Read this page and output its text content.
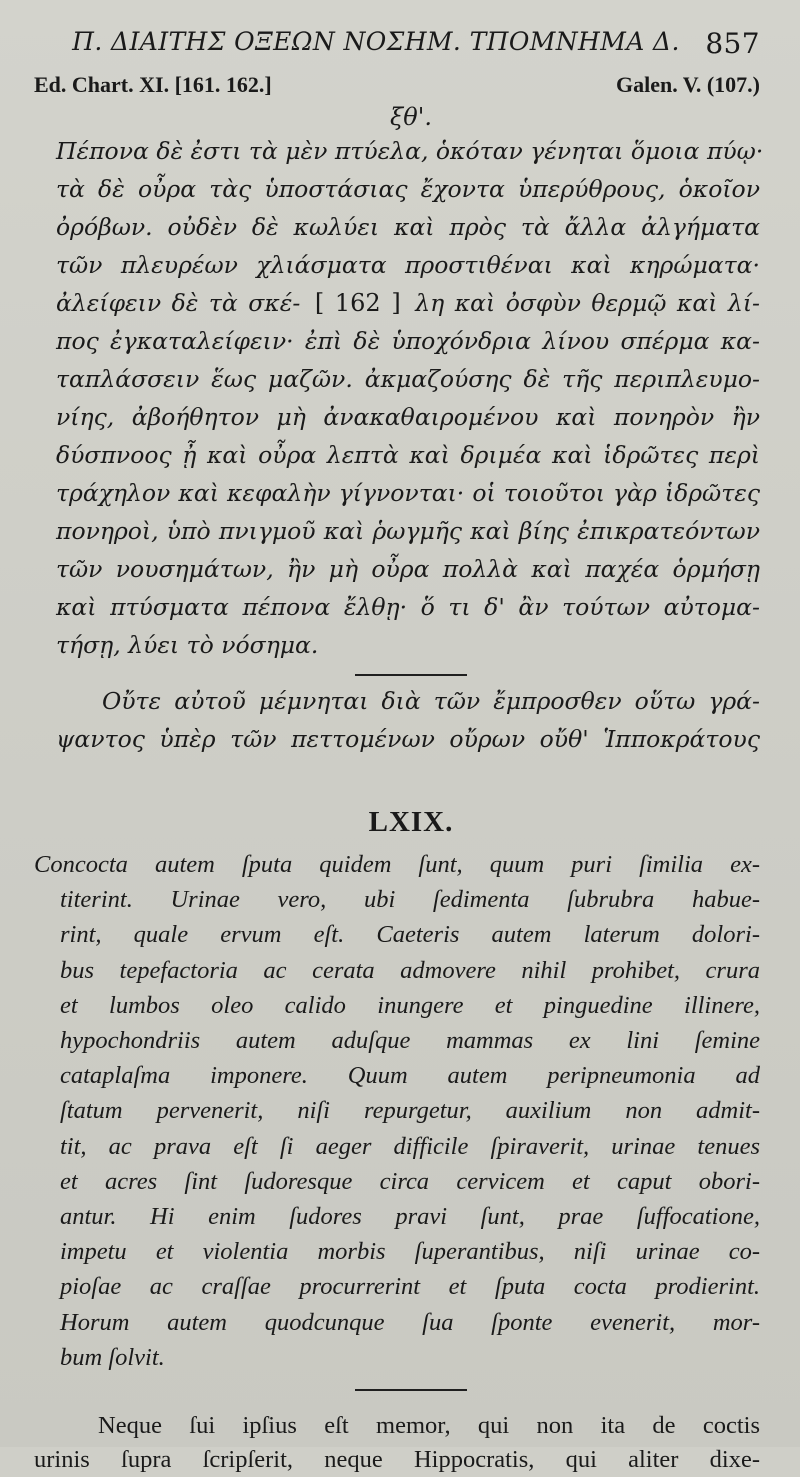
Π. ΔΙΑΙΤΗΣ ΟΞΕΩΝ ΝΟΣΗΜ. ΤΠΟΜΝΗΜΑ Δ. 857
Ed. Chart. XI. [161. 162.]	Galen. V. (107.)
ξθ'.
Πέπονα δὲ ἐστι τὰ μὲν πτύελα, ὁκόταν γένηται ὅμοια πύῳ·
τὰ δὲ οὖρα τὰς ὑποστάσιας ἔχοντα ὑπερύθρους, ὁκοῖον
ὀρόβων. οὐδὲν δὲ κωλύει καὶ πρὸς τὰ ἄλλα ἀλγήματα
τῶν πλευρέων χλιάσματα προστιθέναι καὶ κηρώματα·
ἀλείφειν δὲ τὰ σκέ- [ 162 ] λη καὶ ὀσφὺν θερμῷ καὶ λί-
πος ἐγκαταλείφειν· ἐπὶ δὲ ὑποχόνδρια λίνου σπέρμα κα-
ταπλάσσειν ἕως μαζῶν. ἀκμαζούσης δὲ τῆς περιπλευμο-
νίης, ἀβοήθητον μὴ ἀνακαθαιρομένου καὶ πονηρὸν ἢν
δύσπνοος ᾖ καὶ οὖρα λεπτὰ καὶ δριμέα καὶ ἱδρῶτες περὶ
τράχηλον καὶ κεφαλὴν γίγνονται· οἱ τοιοῦτοι γὰρ ἱδρῶτες
πονηροὶ, ὑπὸ πνιγμοῦ καὶ ῥωγμῆς καὶ βίης ἐπικρατεόντων
τῶν νουσημάτων, ἢν μὴ οὖρα πολλὰ καὶ παχέα ὁρμήσῃ
καὶ πτύσματα πέπονα ἔλθῃ· ὅ τι δ' ἂν τούτων αὐτομα-
τήσῃ, λύει τὸ νόσημα.
Οὔτε αὐτοῦ μέμνηται διὰ τῶν ἔμπροσθεν οὕτω γρά-
ψαντος ὑπὲρ τῶν πεττομένων οὔρων οὔθ' Ἱπποκράτους
LXIX.
Concocta autem ſputa quidem ſunt, quum puri ſimilia ex-
titerint. Urinae vero, ubi ſedimenta ſubrubra habue-
rint, quale ervum eſt. Caeteris autem laterum dolori-
bus tepefactoria ac cerata admovere nihil prohibet, crura
et lumbos oleo calido inungere et pinguedine illinere,
hypochondriis autem aduſque mammas ex lini ſemine
cataplaſma imponere. Quum autem peripneumonia ad
ſtatum pervenerit, niſi repurgetur, auxilium non admit-
tit, ac prava eſt ſi aeger difficile ſpiraverit, urinae tenues
et acres ſint ſudoresque circa cervicem et caput obori-
antur. Hi enim ſudores pravi ſunt, prae ſuffocatione,
impetu et violentia morbis ſuperantibus, niſi urinae co-
pioſae ac craſſae procurrerint et ſputa cocta prodierint.
Horum autem quodcunque ſua ſponte evenerit, mor-
bum ſolvit.
Neque ſui ipſius eſt memor, qui non ita de coctis
urinis ſupra ſcripſerit, neque Hippocratis, qui aliter dixe-
